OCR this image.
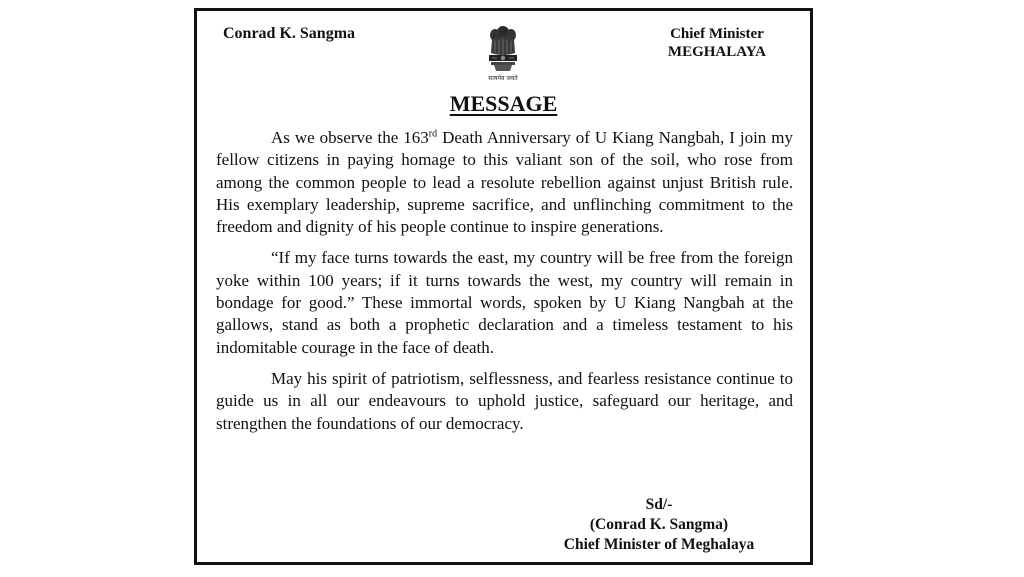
Conrad K. Sangma
सत्यमेव जयते
Chief Minister
MEGHALAYA
MESSAGE

As we observe the 163rd Death Anniversary of U Kiang Nangbah, I join my fellow citizens in paying homage to this valiant son of the soil, who rose from among the common people to lead a resolute rebellion against unjust British rule. His exemplary leadership, supreme sacrifice, and unflinching commitment to the freedom and dignity of his people continue to inspire generations.

“If my face turns towards the east, my country will be free from the foreign yoke within 100 years; if it turns towards the west, my country will remain in bondage for good.” These immortal words, spoken by U Kiang Nangbah at the gallows, stand as both a prophetic declaration and a timeless testament to his indomitable courage in the face of death.

May his spirit of patriotism, selflessness, and fearless resistance continue to guide us in all our endeavours to uphold justice, safeguard our heritage, and strengthen the foundations of our democracy.

Sd/-
(Conrad K. Sangma)
Chief Minister of Meghalaya
